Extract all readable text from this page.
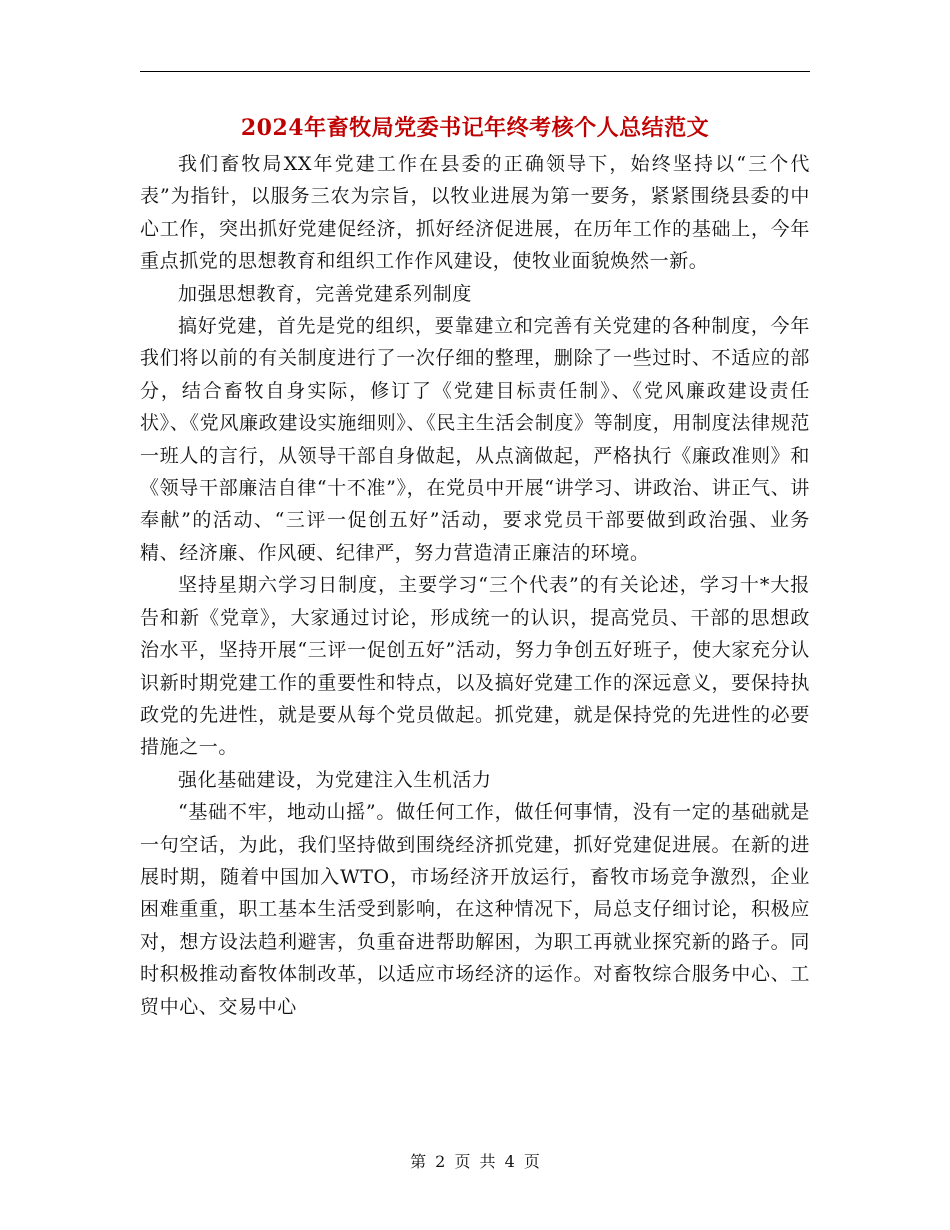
2024年畜牧局党委书记年终考核个人总结范文

我们畜牧局XX年党建工作在县委的正确领导下，始终坚持以“三个代表”为指针，以服务三农为宗旨，以牧业进展为第一要务，紧紧围绕县委的中心工作，突出抓好党建促经济，抓好经济促进展，在历年工作的基础上，今年重点抓党的思想教育和组织工作作风建设，使牧业面貌焕然一新。

加强思想教育，完善党建系列制度

搞好党建，首先是党的组织，要靠建立和完善有关党建的各种制度，今年我们将以前的有关制度进行了一次仔细的整理，删除了一些过时、不适应的部分，结合畜牧自身实际，修订了《党建目标责任制》、《党风廉政建设责任状》、《党风廉政建设实施细则》、《民主生活会制度》等制度，用制度法律规范一班人的言行，从领导干部自身做起，从点滴做起，严格执行《廉政准则》和《领导干部廉洁自律“十不准”》，在党员中开展“讲学习、讲政治、讲正气、讲奉献”的活动、“三评一促创五好”活动，要求党员干部要做到政治强、业务精、经济廉、作风硬、纪律严，努力营造清正廉洁的环境。

坚持星期六学习日制度，主要学习“三个代表”的有关论述，学习十*大报告和新《党章》，大家通过讨论，形成统一的认识，提高党员、干部的思想政治水平，坚持开展“三评一促创五好”活动，努力争创五好班子，使大家充分认识新时期党建工作的重要性和特点，以及搞好党建工作的深远意义，要保持执政党的先进性，就是要从每个党员做起。抓党建，就是保持党的先进性的必要措施之一。

强化基础建设，为党建注入生机活力

“基础不牢，地动山摇”。做任何工作，做任何事情，没有一定的基础就是一句空话，为此，我们坚持做到围绕经济抓党建，抓好党建促进展。在新的进展时期，随着中国加入WTO，市场经济开放运行，畜牧市场竞争激烈，企业困难重重，职工基本生活受到影响，在这种情况下，局总支仔细讨论，积极应对，想方设法趋利避害，负重奋进帮助解困，为职工再就业探究新的路子。同时积极推动畜牧体制改革，以适应市场经济的运作。对畜牧综合服务中心、工贸中心、交易中心

第 2 页 共 4 页
